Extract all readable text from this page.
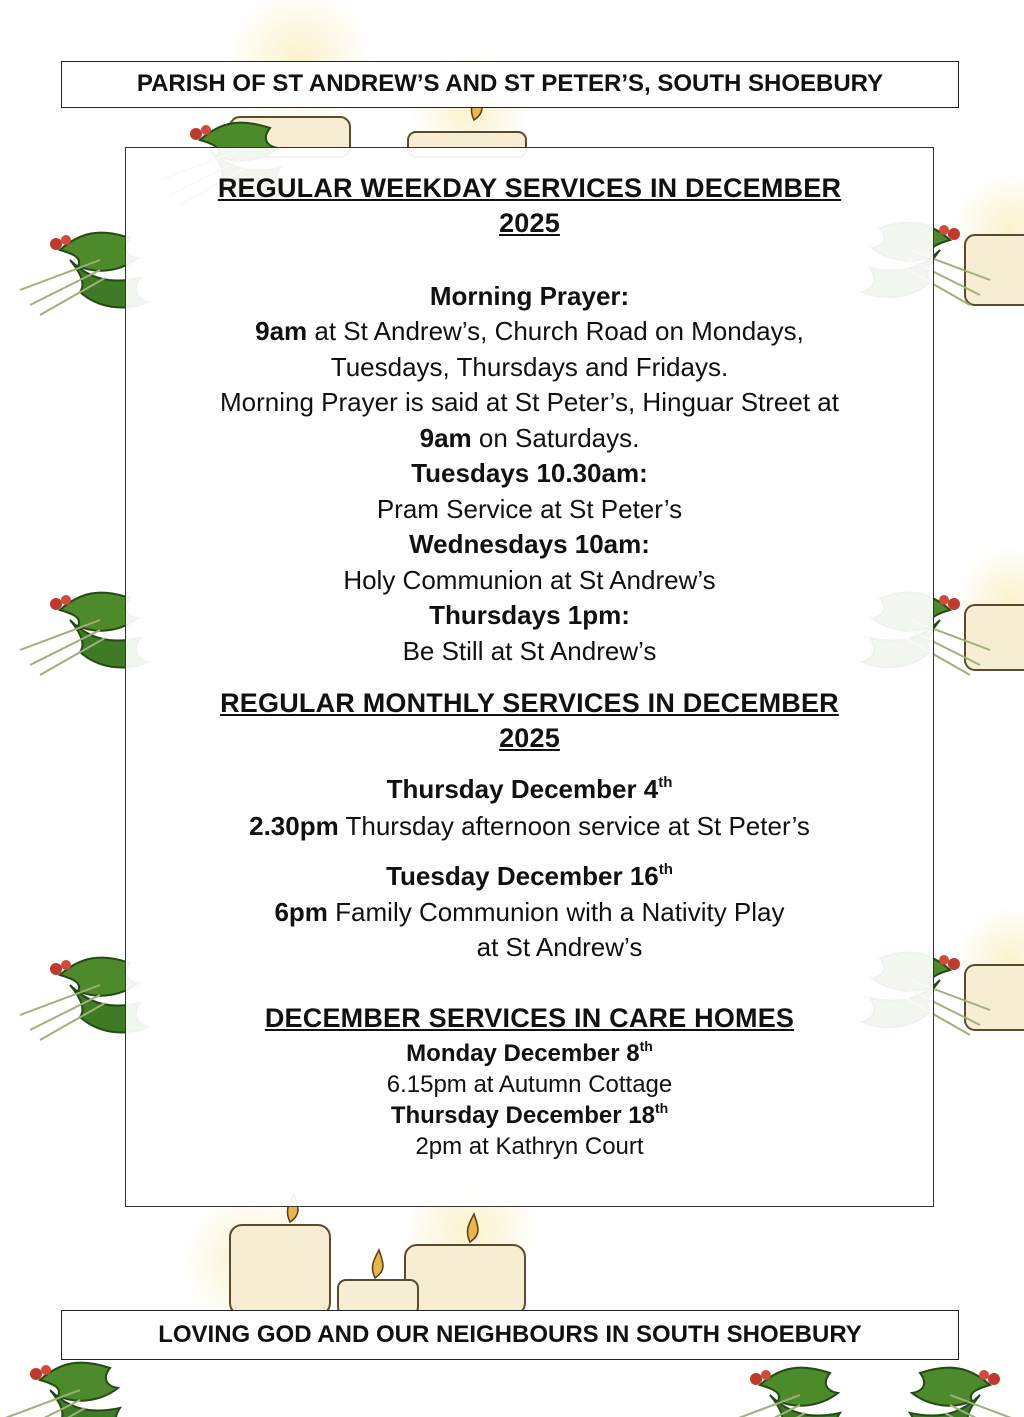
PARISH OF ST ANDREW’S AND ST PETER’S, SOUTH SHOEBURY
REGULAR WEEKDAY SERVICES IN DECEMBER
2025
Morning Prayer:
9am at St Andrew’s, Church Road on Mondays,
Tuesdays, Thursdays and Fridays.
Morning Prayer is said at St Peter’s, Hinguar Street at
9am on Saturdays.
Tuesdays 10.30am:
Pram Service at St Peter’s
Wednesdays 10am:
Holy Communion at St Andrew’s
Thursdays 1pm:
Be Still at St Andrew’s
REGULAR MONTHLY SERVICES IN DECEMBER
2025
Thursday December 4th
2.30pm Thursday afternoon service at St Peter’s
Tuesday December 16th
6pm Family Communion with a Nativity Play
at St Andrew’s
DECEMBER SERVICES IN CARE HOMES
Monday December 8th
6.15pm at Autumn Cottage
Thursday December 18th
2pm at Kathryn Court
LOVING GOD AND OUR NEIGHBOURS IN SOUTH SHOEBURY
